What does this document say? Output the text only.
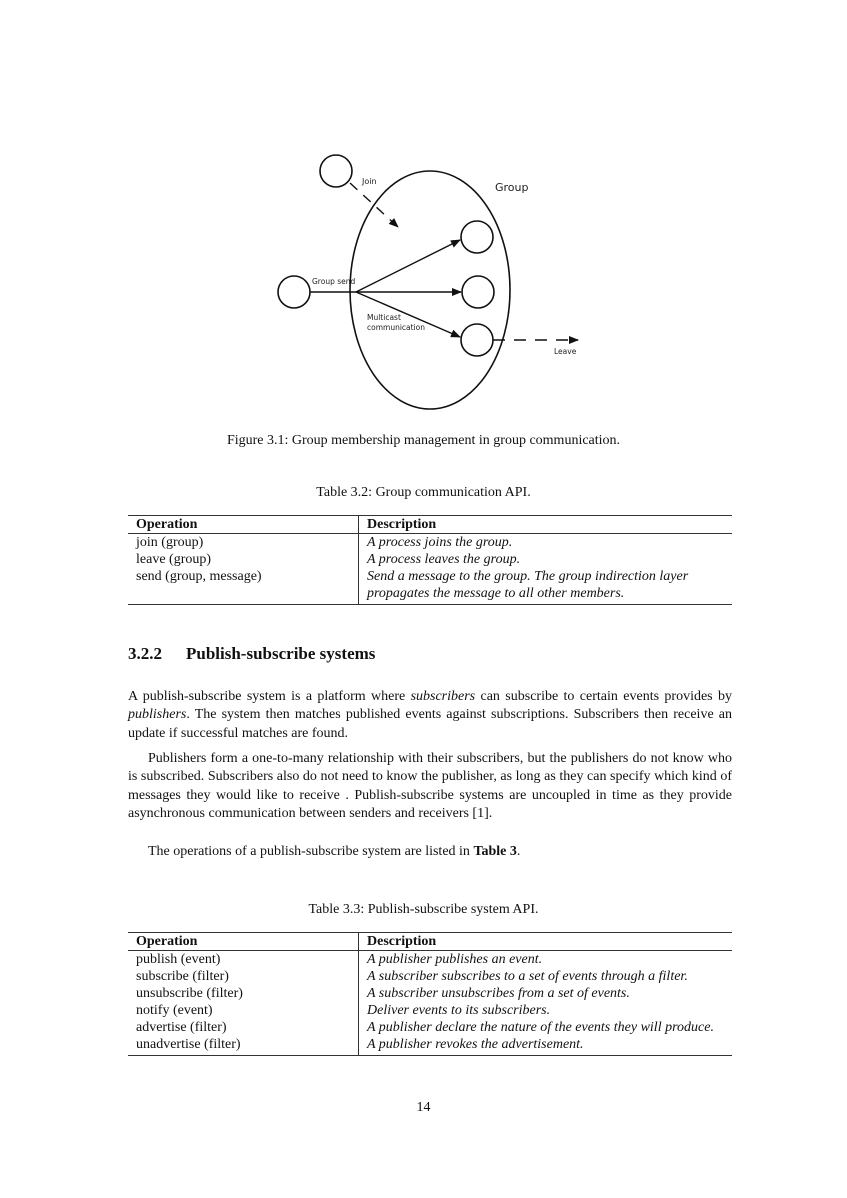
Join	Group
Group send
Multicast
communication
Leave
Figure 3.1: Group membership management in group communication.
Table 3.2: Group communication API.
Operation	Description
join (group)	A process joins the group.
leave (group)	A process leaves the group.
send (group, message)	Send a message to the group. The group indirection layer propagates the message to all other members.
3.2.2 Publish-subscribe systems

A publish-subscribe system is a platform where subscribers can subscribe to certain events provides by publishers. The system then matches published events against subscriptions. Subscribers then receive an update if successful matches are found.

Publishers form a one-to-many relationship with their subscribers, but the publishers do not know who is subscribed. Subscribers also do not need to know the publisher, as long as they can specify which kind of messages they would like to receive . Publish-subscribe systems are uncoupled in time as they provide asynchronous communication between senders and receivers [1].

The operations of a publish-subscribe system are listed in Table 3.

Table 3.3: Publish-subscribe system API.
Operation	Description
publish (event)	A publisher publishes an event.
subscribe (filter)	A subscriber subscribes to a set of events through a filter.
unsubscribe (filter)	A subscriber unsubscribes from a set of events.
notify (event)	Deliver events to its subscribers.
advertise (filter)	A publisher declare the nature of the events they will produce.
unadvertise (filter)	A publisher revokes the advertisement.
14
